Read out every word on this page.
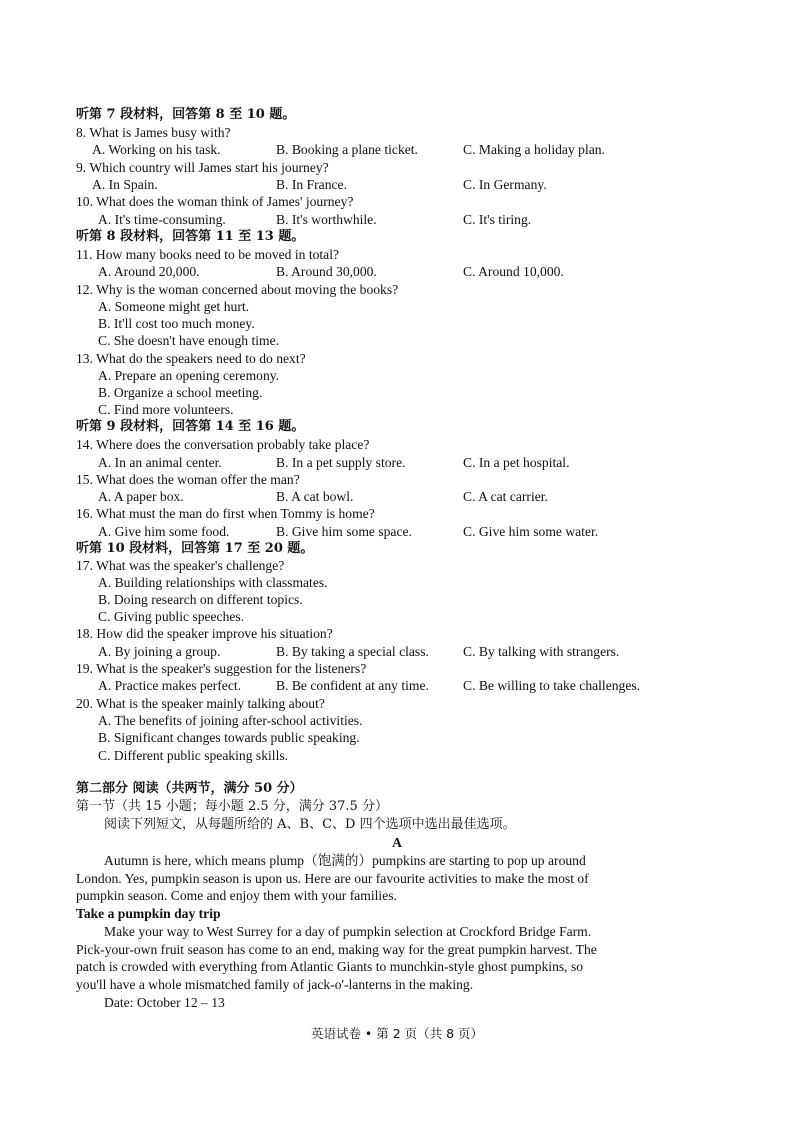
听第 7 段材料，回答第 8 至 10 题。
8. What is James busy with?
A. Working on his task.	B. Booking a plane ticket.	C. Making a holiday plan.
9. Which country will James start his journey?
A. In Spain.	B. In France.	C. In Germany.
10. What does the woman think of James' journey?
A. It's time-consuming.	B. It's worthwhile.	C. It's tiring.
听第 8 段材料，回答第 11 至 13 题。
11. How many books need to be moved in total?
A. Around 20,000.	B. Around 30,000.	C. Around 10,000.
12. Why is the woman concerned about moving the books?
A. Someone might get hurt.
B. It'll cost too much money.
C. She doesn't have enough time.
13. What do the speakers need to do next?
A. Prepare an opening ceremony.
B. Organize a school meeting.
C. Find more volunteers.
听第 9 段材料，回答第 14 至 16 题。
14. Where does the conversation probably take place?
A. In an animal center.	B. In a pet supply store.	C. In a pet hospital.
15. What does the woman offer the man?
A. A paper box.	B. A cat bowl.	C. A cat carrier.
16. What must the man do first when Tommy is home?
A. Give him some food.	B. Give him some space.	C. Give him some water.
听第 10 段材料，回答第 17 至 20 题。
17. What was the speaker's challenge?
A. Building relationships with classmates.
B. Doing research on different topics.
C. Giving public speeches.
18. How did the speaker improve his situation?
A. By joining a group.	B. By taking a special class.	C. By talking with strangers.
19. What is the speaker's suggestion for the listeners?
A. Practice makes perfect.	B. Be confident at any time.	C. Be willing to take challenges.
20. What is the speaker mainly talking about?
A. The benefits of joining after-school activities.
B. Significant changes towards public speaking.
C. Different public speaking skills.
第二部分 阅读（共两节，满分 50 分）
第一节（共 15 小题；每小题 2.5 分，满分 37.5 分）
阅读下列短文，从每题所给的 A、B、C、D 四个选项中选出最佳选项。
A
Autumn is here, which means plump（饱满的）pumpkins are starting to pop up around
London. Yes, pumpkin season is upon us. Here are our favourite activities to make the most of
pumpkin season. Come and enjoy them with your families.
Take a pumpkin day trip
Make your way to West Surrey for a day of pumpkin selection at Crockford Bridge Farm.
Pick-your-own fruit season has come to an end, making way for the great pumpkin harvest. The
patch is crowded with everything from Atlantic Giants to munchkin-style ghost pumpkins, so
you'll have a whole mismatched family of jack-o'-lanterns in the making.
Date: October 12 – 13
英语试卷 • 第 2 页（共 8 页）
